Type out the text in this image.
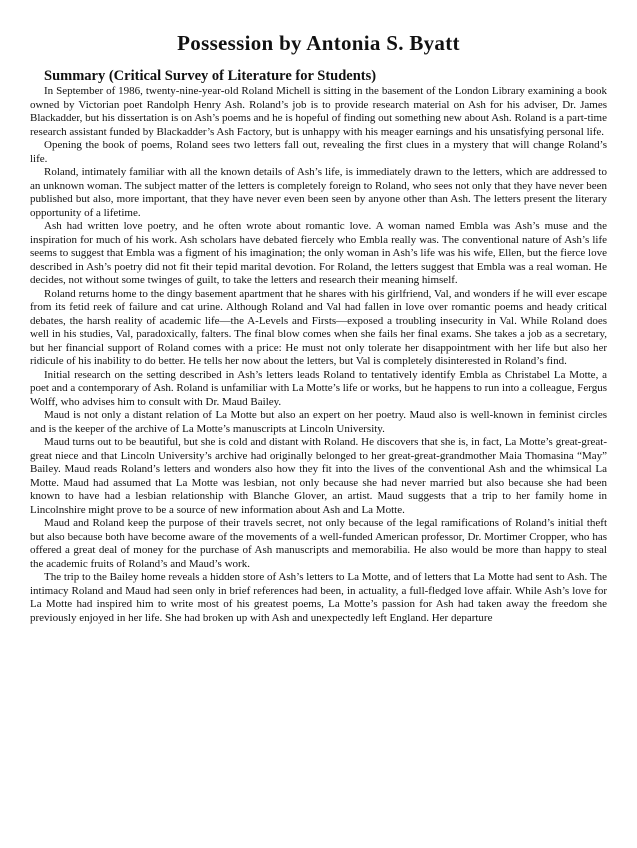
Possession by Antonia S. Byatt
Summary (Critical Survey of Literature for Students)

In September of 1986, twenty-nine-year-old Roland Michell is sitting in the basement of the London Library examining a book owned by Victorian poet Randolph Henry Ash. Roland’s job is to provide research material on Ash for his adviser, Dr. James Blackadder, but his dissertation is on Ash’s poems and he is hopeful of finding out something new about Ash. Roland is a part-time research assistant funded by Blackadder’s Ash Factory, but is unhappy with his meager earnings and his unsatisfying personal life.

Opening the book of poems, Roland sees two letters fall out, revealing the first clues in a mystery that will change Roland’s life.

Roland, intimately familiar with all the known details of Ash’s life, is immediately drawn to the letters, which are addressed to an unknown woman. The subject matter of the letters is completely foreign to Roland, who sees not only that they have never been published but also, more important, that they have never even been seen by anyone other than Ash. The letters present the literary opportunity of a lifetime.

Ash had written love poetry, and he often wrote about romantic love. A woman named Embla was Ash’s muse and the inspiration for much of his work. Ash scholars have debated fiercely who Embla really was. The conventional nature of Ash’s life seems to suggest that Embla was a figment of his imagination; the only woman in Ash’s life was his wife, Ellen, but the fierce love described in Ash’s poetry did not fit their tepid marital devotion. For Roland, the letters suggest that Embla was a real woman. He decides, not without some twinges of guilt, to take the letters and research their meaning himself.

Roland returns home to the dingy basement apartment that he shares with his girlfriend, Val, and wonders if he will ever escape from its fetid reek of failure and cat urine. Although Roland and Val had fallen in love over romantic poems and heady critical debates, the harsh reality of academic life—the A-Levels and Firsts—exposed a troubling insecurity in Val. While Roland does well in his studies, Val, paradoxically, falters. The final blow comes when she fails her final exams. She takes a job as a secretary, but her financial support of Roland comes with a price: He must not only tolerate her disappointment with her life but also her ridicule of his inability to do better. He tells her now about the letters, but Val is completely disinterested in Roland’s find.

Initial research on the setting described in Ash’s letters leads Roland to tentatively identify Embla as Christabel La Motte, a poet and a contemporary of Ash. Roland is unfamiliar with La Motte’s life or works, but he happens to run into a colleague, Fergus Wolff, who advises him to consult with Dr. Maud Bailey.

Maud is not only a distant relation of La Motte but also an expert on her poetry. Maud also is well-known in feminist circles and is the keeper of the archive of La Motte’s manuscripts at Lincoln University.

Maud turns out to be beautiful, but she is cold and distant with Roland. He discovers that she is, in fact, La Motte’s great-great-great niece and that Lincoln University’s archive had originally belonged to her great-great-grandmother Maia Thomasina “May” Bailey. Maud reads Roland’s letters and wonders also how they fit into the lives of the conventional Ash and the whimsical La Motte. Maud had assumed that La Motte was lesbian, not only because she had never married but also because she had been known to have had a lesbian relationship with Blanche Glover, an artist. Maud suggests that a trip to her family home in Lincolnshire might prove to be a source of new information about Ash and La Motte.

Maud and Roland keep the purpose of their travels secret, not only because of the legal ramifications of Roland’s initial theft but also because both have become aware of the movements of a well-funded American professor, Dr. Mortimer Cropper, who has offered a great deal of money for the purchase of Ash manuscripts and memorabilia. He also would be more than happy to steal the academic fruits of Roland’s and Maud’s work.

The trip to the Bailey home reveals a hidden store of Ash’s letters to La Motte, and of letters that La Motte had sent to Ash. The intimacy Roland and Maud had seen only in brief references had been, in actuality, a full-fledged love affair. While Ash’s love for La Motte had inspired him to write most of his greatest poems, La Motte’s passion for Ash had taken away the freedom she previously enjoyed in her life. She had broken up with Ash and unexpectedly left England. Her departure
